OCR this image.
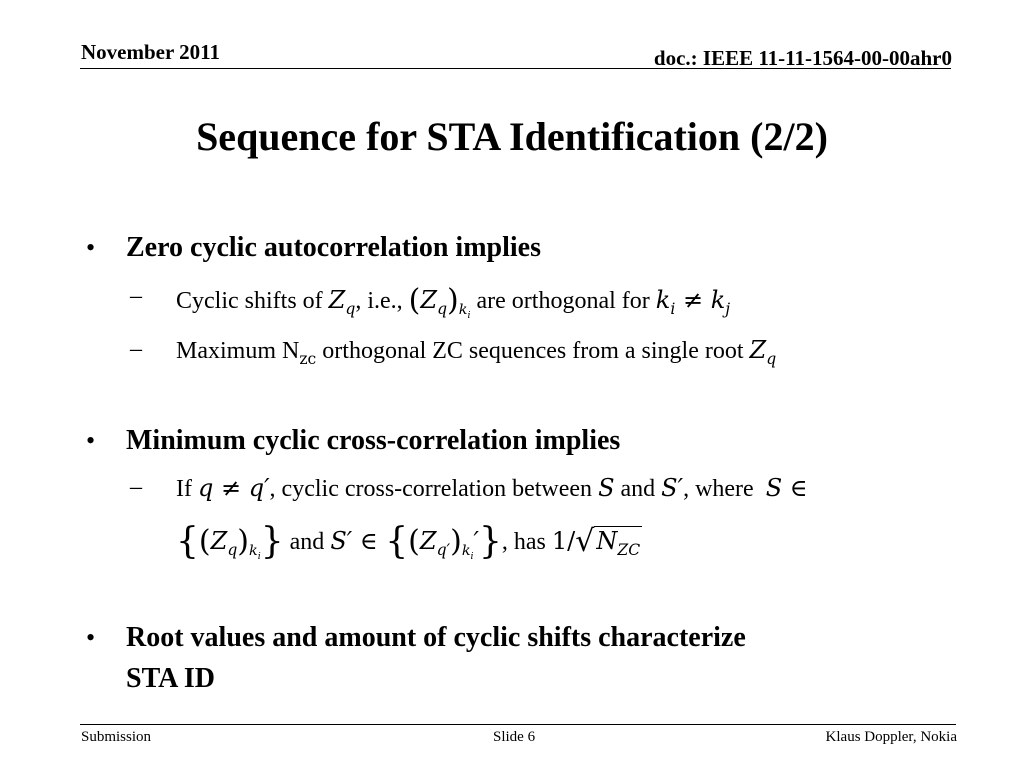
November 2011	doc.: IEEE 11-11-1564-00-00ahr0
Sequence for STA Identification (2/2)
• Zero cyclic autocorrelation implies
– Cyclic shifts of $Z_q$, i.e., $(Z_q)_{k_i}$ are orthogonal for $k_i \ne k_j$
– Maximum $N_{zc}$ orthogonal ZC sequences from a single root $Z_q$
• Minimum cyclic cross-correlation implies
– If q ≠ q′, cyclic cross-correlation between S and S′, where S ∈
$\{(Z_q)_{k_i}\}$ and S′ ∈ $\{(Z_{q'})_{k_i}'\}$, has $1/√N_{ZC}$
• Root values and amount of cyclic shifts characterize
STA ID
Submission	Slide 6	Klaus Doppler, Nokia
